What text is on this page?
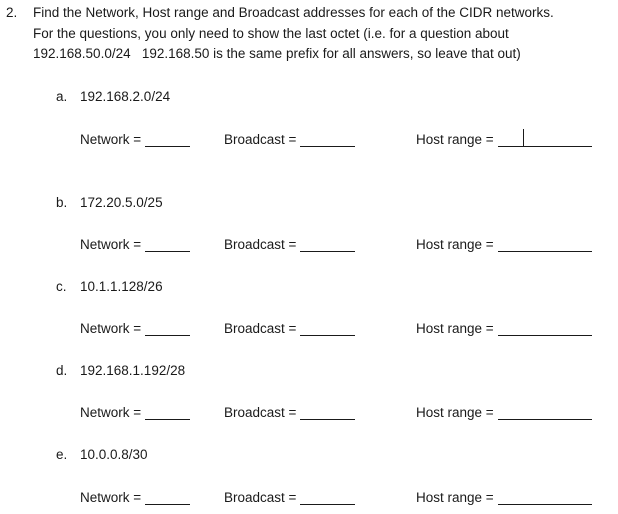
2. Find the Network, Host range and Broadcast addresses for each of the CIDR networks.
For the questions, you only need to show the last octet (i.e. for a question about
192.168.50.0/24   192.168.50 is the same prefix for all answers, so leave that out)
a. 192.168.2.0/24
Network =	Broadcast =	Host range =
b. 172.20.5.0/25
Network =	Broadcast =	Host range =
c. 10.1.1.128/26
Network =	Broadcast =	Host range =
d. 192.168.1.192/28
Network =	Broadcast =	Host range =
e. 10.0.0.8/30
Network =	Broadcast =	Host range =
